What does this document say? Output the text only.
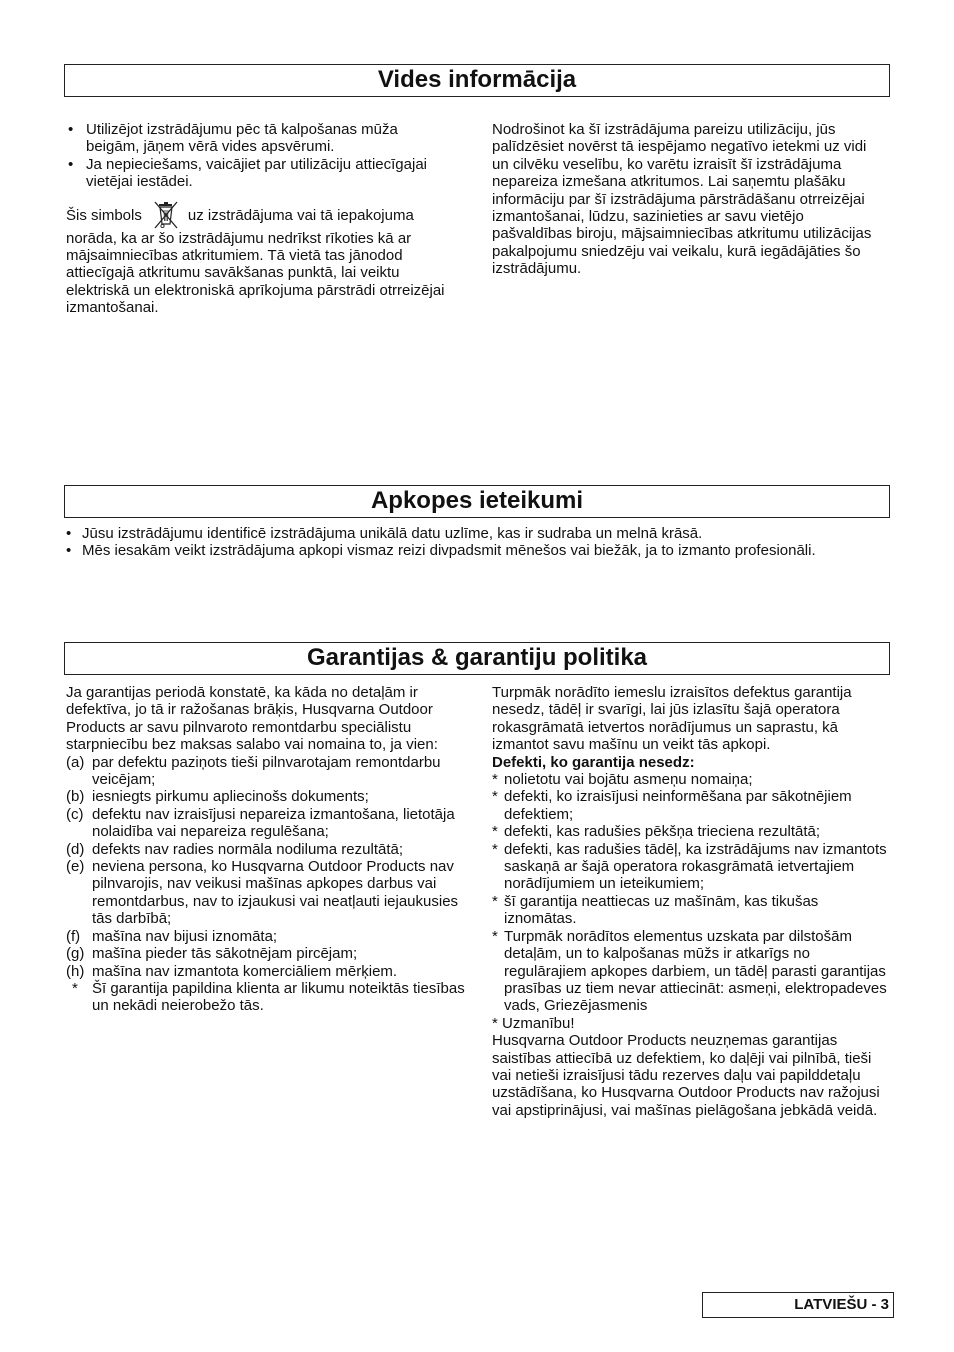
Vides informācija
• Utilizējot izstrādājumu pēc tā kalpošanas mūža beigām, jāņem vērā vides apsvērumi.
• Ja nepieciešams, vaicājiet par utilizāciju attiecīgajai vietējai iestādei.

Šis simbols	uz izstrādājuma vai tā iepakojuma norāda, ka ar šo izstrādājumu nedrīkst rīkoties kā ar mājsaimniecības atkritumiem. Tā vietā tas jānodod attiecīgajā atkritumu savākšanas punktā, lai veiktu elektriskā un elektroniskā aprīkojuma pārstrādi otrreizējai izmantošanai.

Nodrošinot ka šī izstrādājuma pareizu utilizāciju, jūs palīdzēsiet novērst tā iespējamo negatīvo ietekmi uz vidi un cilvēku veselību, ko varētu izraisīt šī izstrādājuma nepareiza izmešana atkritumos. Lai saņemtu plašāku informāciju par šī izstrādājuma pārstrādāšanu otrreizējai izmantošanai, lūdzu, sazinieties ar savu vietējo pašvaldības biroju, mājsaimniecības atkritumu utilizācijas pakalpojumu sniedzēju vai veikalu, kurā iegādājāties šo izstrādājumu.

Apkopes ieteikumi
• Jūsu izstrādājumu identificē izstrādājuma unikālā datu uzlīme, kas ir sudraba un melnā krāsā.
• Mēs iesakām veikt izstrādājuma apkopi vismaz reizi divpadsmit mēnešos vai biežāk, ja to izmanto profesionāli.
Garantijas & garantiju politika

Ja garantijas periodā konstatē, ka kāda no detaļām ir defektīva, jo tā ir ražošanas brāķis, Husqvarna Outdoor Products ar savu pilnvaroto remontdarbu speciālistu starpniecību bez maksas salabo vai nomaina to, ja vien:

(a) par defektu paziņots tieši pilnvarotajam remontdarbu veicējam;
(b) iesniegts pirkumu apliecinošs dokuments;
(c) defektu nav izraisījusi nepareiza izmantošana, lietotāja nolaidība vai nepareiza regulēšana;
(d) defekts nav radies normāla nodiluma rezultātā;
(e) neviena persona, ko Husqvarna Outdoor Products nav pilnvarojis, nav veikusi mašīnas apkopes darbus vai remontdarbus, nav to izjaukusi vai neatļauti iejaukusies tās darbībā;
(f) mašīna nav bijusi iznomāta;
(g) mašīna pieder tās sākotnējam pircējam;
(h) mašīna nav izmantota komerciāliem mērķiem.
* Šī garantija papildina klienta ar likumu noteiktās tiesības un nekādi neierobežo tās.

Turpmāk norādīto iemeslu izraisītos defektus garantija nesedz, tādēļ ir svarīgi, lai jūs izlasītu šajā operatora rokasgrāmatā ietvertos norādījumus un saprastu, kā izmantot savu mašīnu un veikt tās apkopi.

Defekti, ko garantija nesedz:

* nolietotu vai bojātu asmeņu nomaiņa;
* defekti, ko izraisījusi neinformēšana par sākotnējiem defektiem;
* defekti, kas radušies pēkšņa trieciena rezultātā;
* defekti, kas radušies tādēļ, ka izstrādājums nav izmantots saskaņā ar šajā operatora rokasgrāmatā ietvertajiem norādījumiem un ieteikumiem;
* šī garantija neattiecas uz mašīnām, kas tikušas iznomātas.
* Turpmāk norādītos elementus uzskata par dilstošām detaļām, un to kalpošanas mūžs ir atkarīgs no regulārajiem apkopes darbiem, un tādēļ parasti garantijas prasības uz tiem nevar attiecināt: asmeņi, elektropadeves vads, Griezējasmenis

* Uzmanību!

Husqvarna Outdoor Products neuzņemas garantijas saistības attiecībā uz defektiem, ko daļēji vai pilnībā, tieši vai netieši izraisījusi tādu rezerves daļu vai papilddetaļu uzstādīšana, ko Husqvarna Outdoor Products nav ražojusi vai apstiprinājusi, vai mašīnas pielāgošana jebkādā veidā.

LATVIEŠU - 3
